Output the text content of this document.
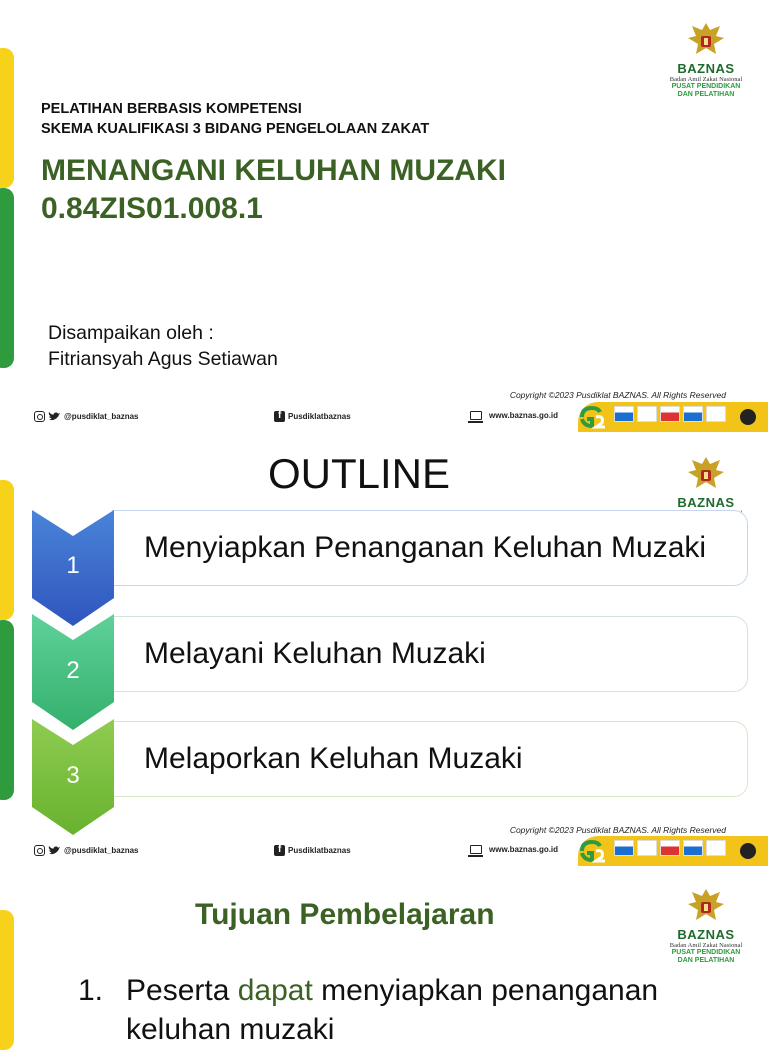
BAZNAS
Badan Amil Zakat Nasional
PUSAT PENDIDIKAN
DAN PELATIHAN
PELATIHAN BERBASIS KOMPETENSI
SKEMA KUALIFIKASI 3 BIDANG PENGELOLAAN ZAKAT
MENANGANI KELUHAN MUZAKI
0.84ZIS01.008.1
Disampaikan oleh :
Fitriansyah Agus Setiawan
Copyright ©2023 Pusdiklat BAZNAS. All Rights Reserved
@pusdiklat_baznas f	Pusdiklatbaznas	www.baznas.go.id
BAZNAS
OUTLINE
Menyiapkan Penanganan Keluhan Muzaki
1
Melayani Keluhan Muzaki
2
Melaporkan Keluhan Muzaki
3
Copyright ©2023 Pusdiklat BAZNAS. All Rights Reserved
@pusdiklat_baznas f	Pusdiklatbaznas	www.baznas.go.id
BAZNAS
Badan Amil Zakat Nasional
PUSAT PENDIDIKAN
DAN PELATIHAN
Tujuan Pembelajaran
1. Peserta dapat menyiapkan penanganan
keluhan muzaki
